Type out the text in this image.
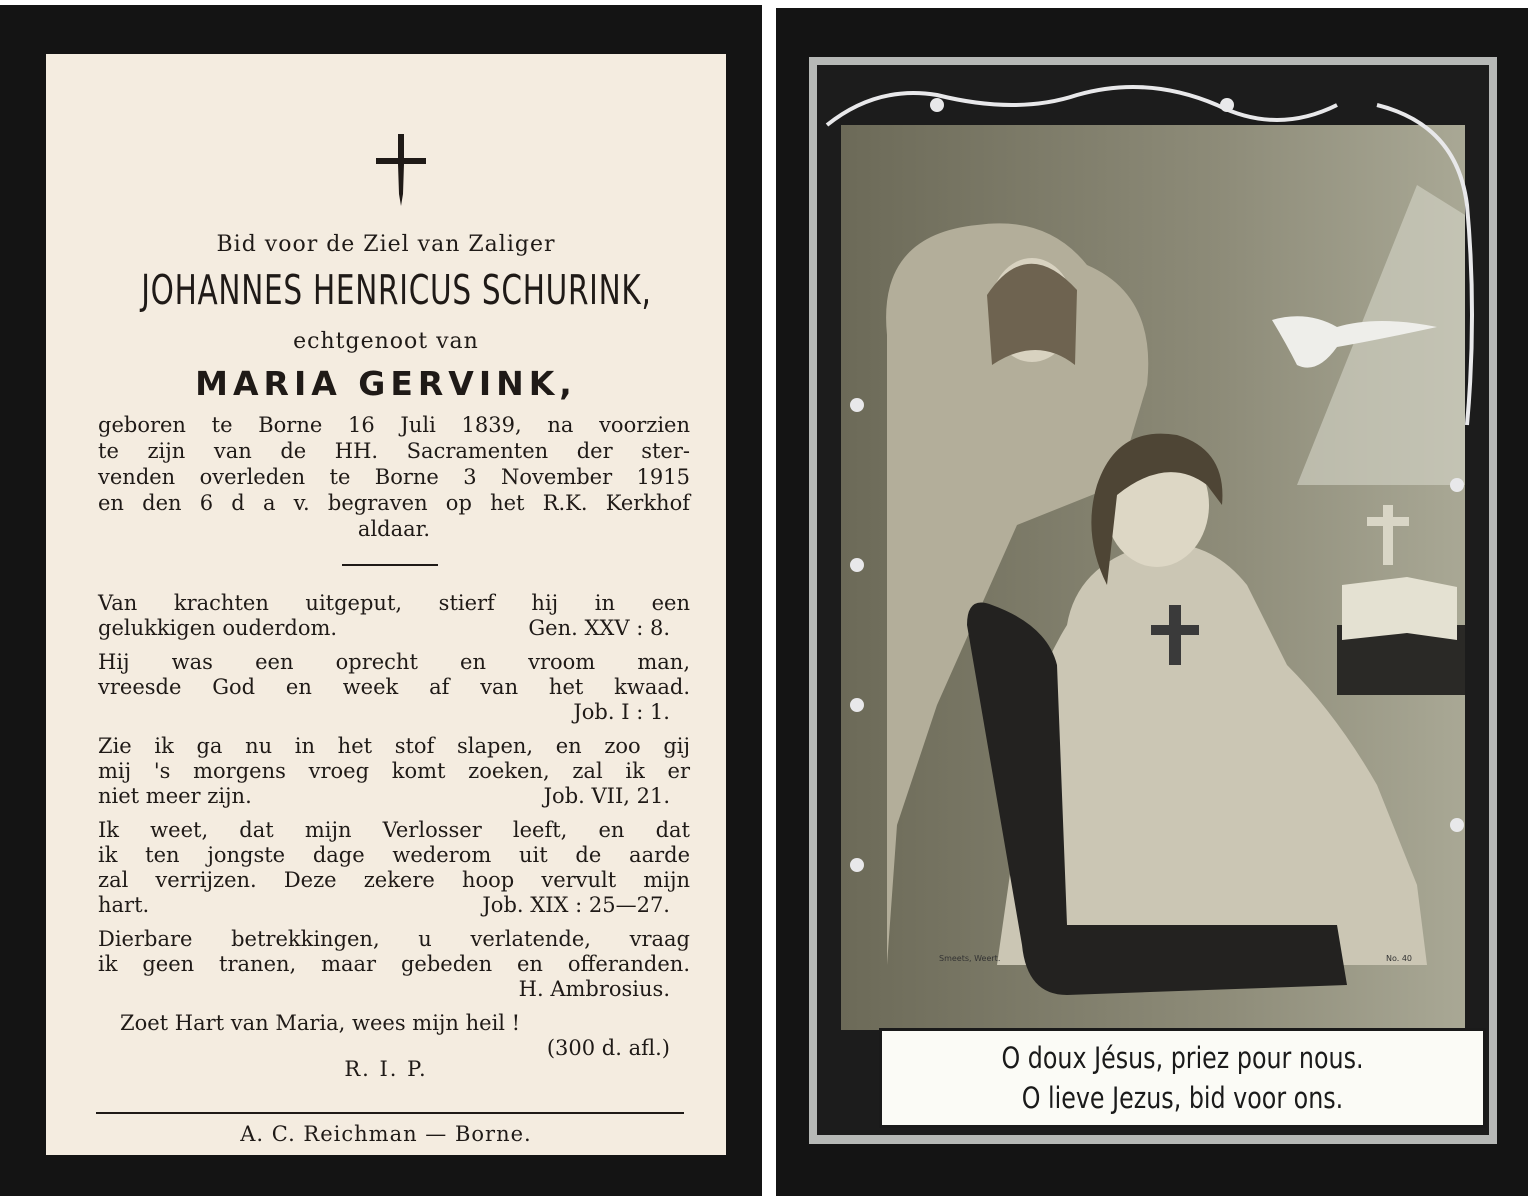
Bid voor de Ziel van Zaliger
JOHANNES HENRICUS SCHURINK,
echtgenoot van
MARIA GERVINK,
geboren te Borne 16 Juli 1839, na voorzien
te zijn van de HH. Sacramenten der ster-
venden overleden te Borne 3 November 1915
en den 6 d a v. begraven op het R.K. Kerkhof
aldaar.

Van krachten uitgeput, stierf hij in een
gelukkigen ouderdom.	Gen. XXV : 8.

Hij was een oprecht en vroom man,
vreesde God en week af van het kwaad.
Job. I : 1.

Zie ik ga nu in het stof slapen, en zoo gij
mij 's morgens vroeg komt zoeken, zal ik er
niet meer zijn.	Job. VII, 21.

Ik weet, dat mijn Verlosser leeft, en dat
ik ten jongste dage wederom uit de aarde
zal verrijzen. Deze zekere hoop vervult mijn
hart.	Job. XIX : 25—27.

Dierbare betrekkingen, u verlatende, vraag
ik geen tranen, maar gebeden en offeranden.
H. Ambrosius.

Zoet Hart van Maria, wees mijn heil !
(300 d. afl.)

R. I. P.
A. C. Reichman — Borne.
Smeets, Weert.	No. 40
O doux Jésus, priez pour nous.
O lieve Jezus, bid voor ons.
